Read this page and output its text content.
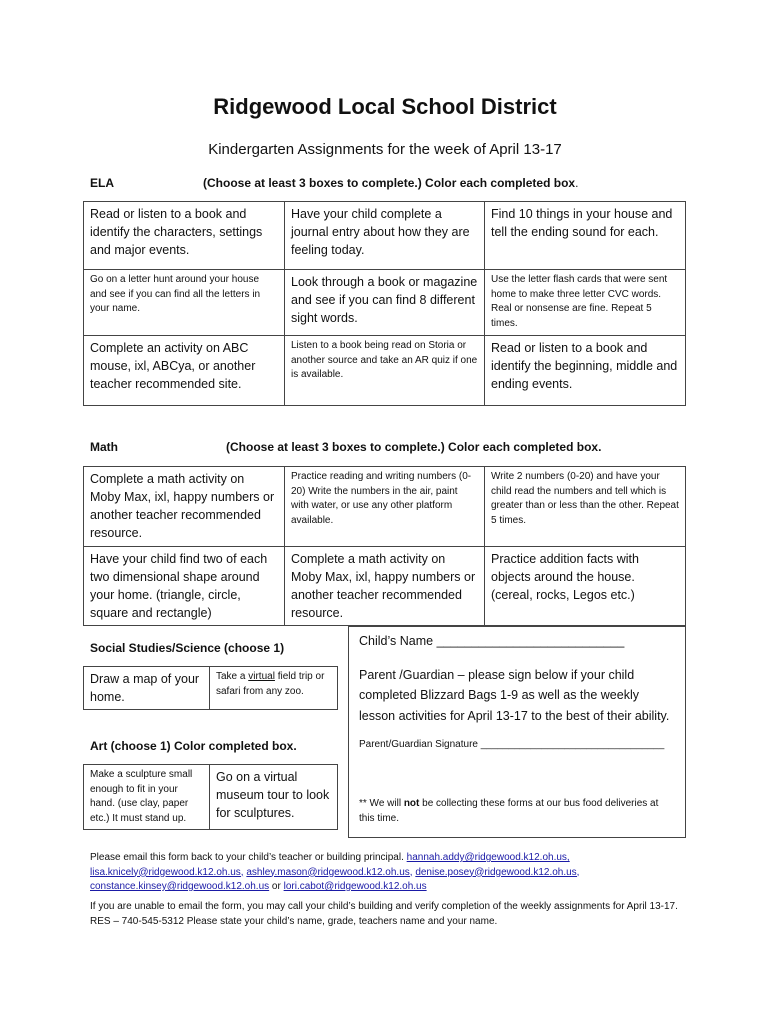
Ridgewood Local School District
Kindergarten Assignments for the week of April 13-17
ELA	(Choose at least 3 boxes to complete.) Color each completed box.
Read or listen to a book and identify the characters, settings and major events.	Have your child complete a journal entry about how they are feeling today.	Find 10 things in your house and tell the ending sound for each.
Go on a letter hunt around your house and see if you can find all the letters in your name.	Look through a book or magazine and see if you can find 8 different sight words.	Use the letter flash cards that were sent home to make three letter CVC words. Real or nonsense are fine. Repeat 5 times.
Complete an activity on ABC mouse, ixl, ABCya, or another teacher recommended site.	Listen to a book being read on Storia or another source and take an AR quiz if one is available.	Read or listen to a book and identify the beginning, middle and ending events.
Math	(Choose at least 3 boxes to complete.) Color each completed box.
Complete a math activity on Moby Max, ixl, happy numbers or another teacher recommended resource.	Practice reading and writing numbers (0-20) Write the numbers in the air, paint with water, or use any other platform available.	Write 2 numbers (0-20) and have your child read the numbers and tell which is greater than or less than the other. Repeat 5 times.
Have your child find two of each two dimensional shape around your home. (triangle, circle, square and rectangle)	Complete a math activity on Moby Max, ixl, happy numbers or another teacher recommended resource.	Practice addition facts with objects around the house. (cereal, rocks, Legos etc.)
Social Studies/Science (choose 1)
Draw a map of your home.	Take a virtual field trip or safari from any zoo.
Art (choose 1) Color completed box.
Make a sculpture small enough to fit in your hand. (use clay, paper etc.) It must stand up.	Go on a virtual museum tour to look for sculptures.
Child’s Name ___________________________
Parent /Guardian – please sign below if your child completed Blizzard Bags 1-9 as well as the weekly lesson activities for April 13-17 to the best of their ability.
Parent/Guardian Signature _________________________________
** We will not be collecting these forms at our bus food deliveries at this time.
Please email this form back to your child’s teacher or building principal. hannah.addy@ridgewood.k12.oh.us,
lisa.knicely@ridgewood.k12.oh.us, ashley.mason@ridgewood.k12.oh.us, denise.posey@ridgewood.k12.oh.us,
constance.kinsey@ridgewood.k12.oh.us or lori.cabot@ridgewood.k12.oh.us
If you are unable to email the form, you may call your child’s building and verify completion of the weekly assignments for April 13-17. RES – 740-545-5312 Please state your child’s name, grade, teachers name and your name.
